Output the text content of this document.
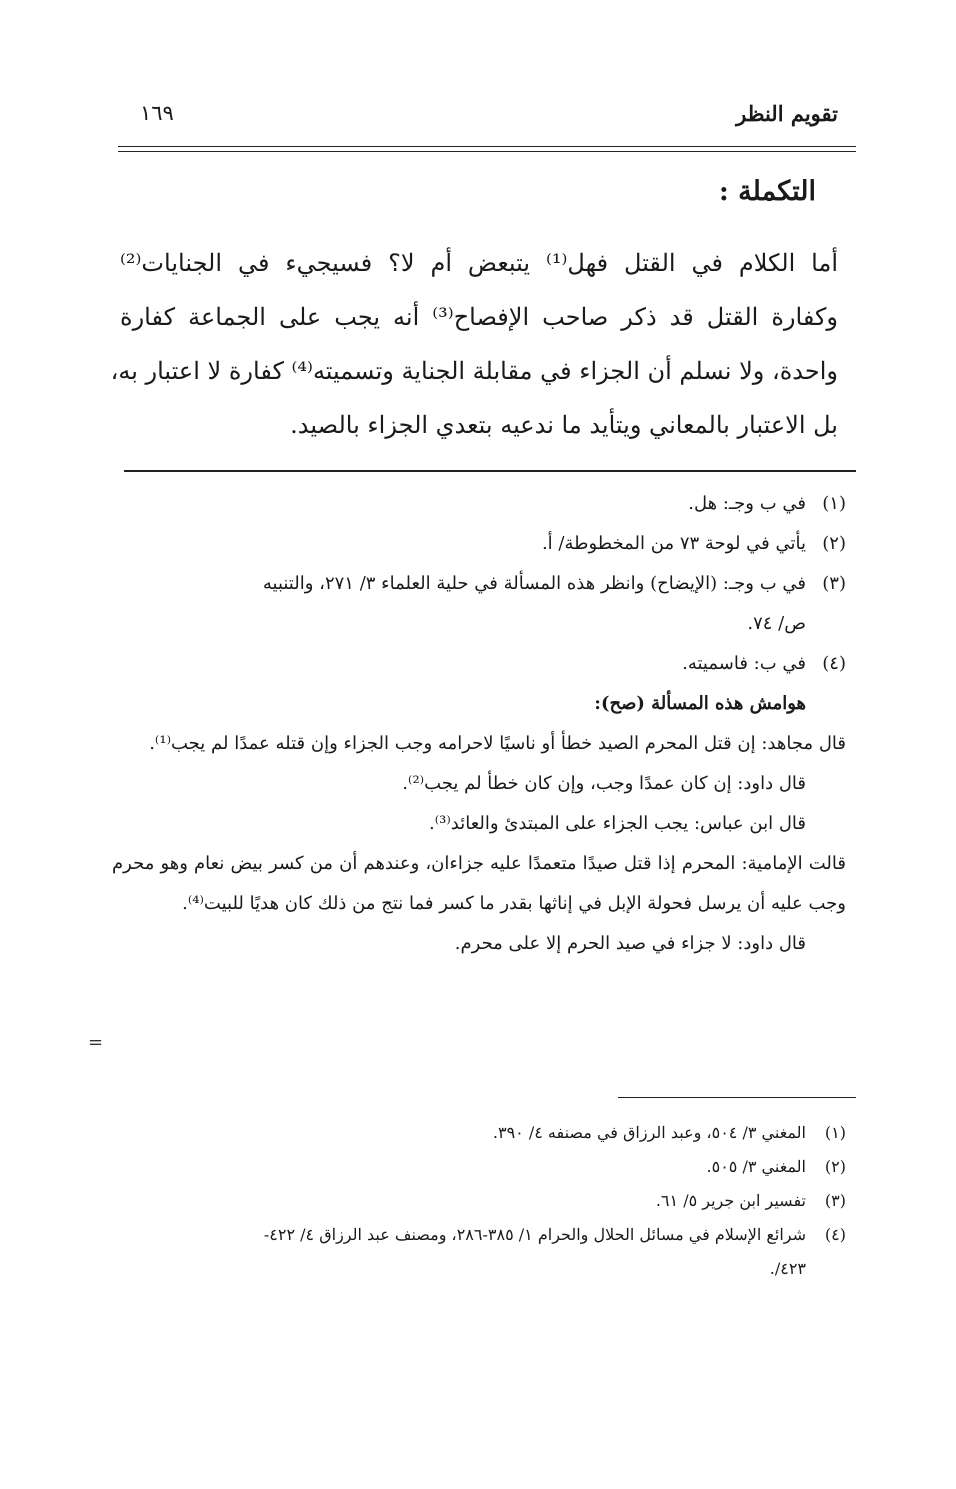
تقويم النظر
١٦٩
التكملة :
أما الكلام في القتل فهل⁽¹⁾ يتبعض أم لا؟ فسيجيء في الجنايات⁽²⁾
وكفارة القتل قد ذكر صاحب الإفصاح⁽³⁾ أنه يجب على الجماعة كفارة
واحدة، ولا نسلم أن الجزاء في مقابلة الجناية وتسميته⁽⁴⁾ كفارة لا اعتبار به،
بل الاعتبار بالمعاني ويتأيد ما ندعيه بتعدي الجزاء بالصيد.
(١)
في ب وجـ: هل.
(٢)
يأتي في لوحة ٧٣ من المخطوطة/ أ.
(٣)
في ب وجـ: (الإيضاح) وانظر هذه المسألة في حلية العلماء ٣/ ٢٧١، والتنبيه
ص/ ٧٤.
(٤)
في ب: فاسميته.
هوامش هذه المسألة (صح):
قال مجاهد: إن قتل المحرم الصيد خطأ أو ناسيًا لاحرامه وجب الجزاء وإن قتله عمدًا لم يجب⁽¹⁾.
قال داود: إن كان عمدًا وجب، وإن كان خطأ لم يجب⁽²⁾.
قال ابن عباس: يجب الجزاء على المبتدئ والعائد⁽³⁾.
قالت الإمامية: المحرم إذا قتل صيدًا متعمدًا عليه جزاءان، وعندهم أن من كسر بيض نعام وهو محرم وجب عليه أن يرسل فحولة الإبل في إناثها بقدر ما كسر فما نتج من ذلك كان هديًا للبيت⁽⁴⁾.
قال داود: لا جزاء في صيد الحرم إلا على محرم.
=
(١)
المغني ٣/ ٥٠٤، وعبد الرزاق في مصنفه ٤/ ٣٩٠.
(٢)
المغني ٣/ ٥٠٥.
(٣)
تفسير ابن جرير ٥/ ٦١.
(٤)
شرائع الإسلام في مسائل الحلال والحرام ١/ ٣٨٥-٢٨٦، ومصنف عبد الرزاق ٤/ ٤٢٢-
٤٢٣/.
